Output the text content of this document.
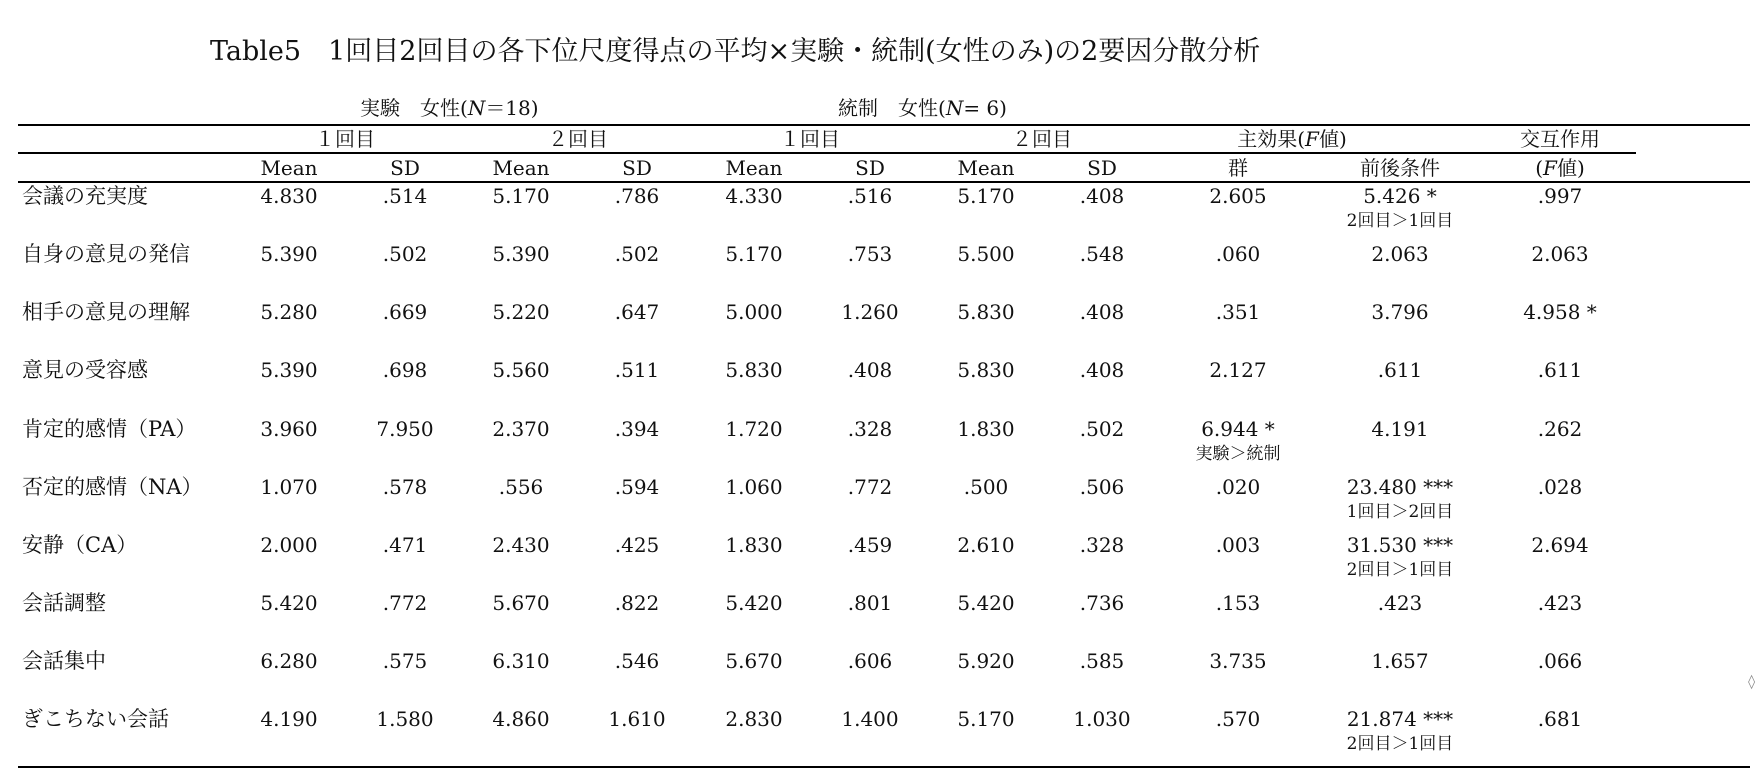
Table5　1回目2回目の各下位尺度得点の平均×実験・統制(女性のみ)の2要因分散分析
実験　女性(N＝18)	統制　女性(N= 6)
１回目	２回目	１回目	２回目	主効果(F値)	交互作用
Mean	SD	Mean	SD	Mean	SD	Mean	SD	群	前後条件	(F値)
会議の充実度	4.830	.514	5.170	.786	4.330	.516	5.170	.408	2.605	5.426 *	.997
2回目＞1回目
自身の意見の発信	5.390	.502	5.390	.502	5.170	.753	5.500	.548	.060	2.063	2.063
相手の意見の理解	5.280	.669	5.220	.647	5.000	1.260	5.830	.408	.351	3.796	4.958 *
意見の受容感	5.390	.698	5.560	.511	5.830	.408	5.830	.408	2.127	.611	.611
肯定的感情（PA）	3.960	7.950	2.370	.394	1.720	.328	1.830	.502	6.944 *	4.191	.262
実験＞統制
否定的感情（NA）	1.070	.578	.556	.594	1.060	.772	.500	.506	.020	23.480 ***	.028
1回目＞2回目
安静（CA）	2.000	.471	2.430	.425	1.830	.459	2.610	.328	.003	31.530 ***	2.694
2回目＞1回目
会話調整	5.420	.772	5.670	.822	5.420	.801	5.420	.736	.153	.423	.423
会話集中	6.280	.575	6.310	.546	5.670	.606	5.920	.585	3.735	1.657	.066
ぎこちない会話	4.190	1.580	4.860	1.610	2.830	1.400	5.170	1.030	.570	21.874 ***	.681
2回目＞1回目
◊
